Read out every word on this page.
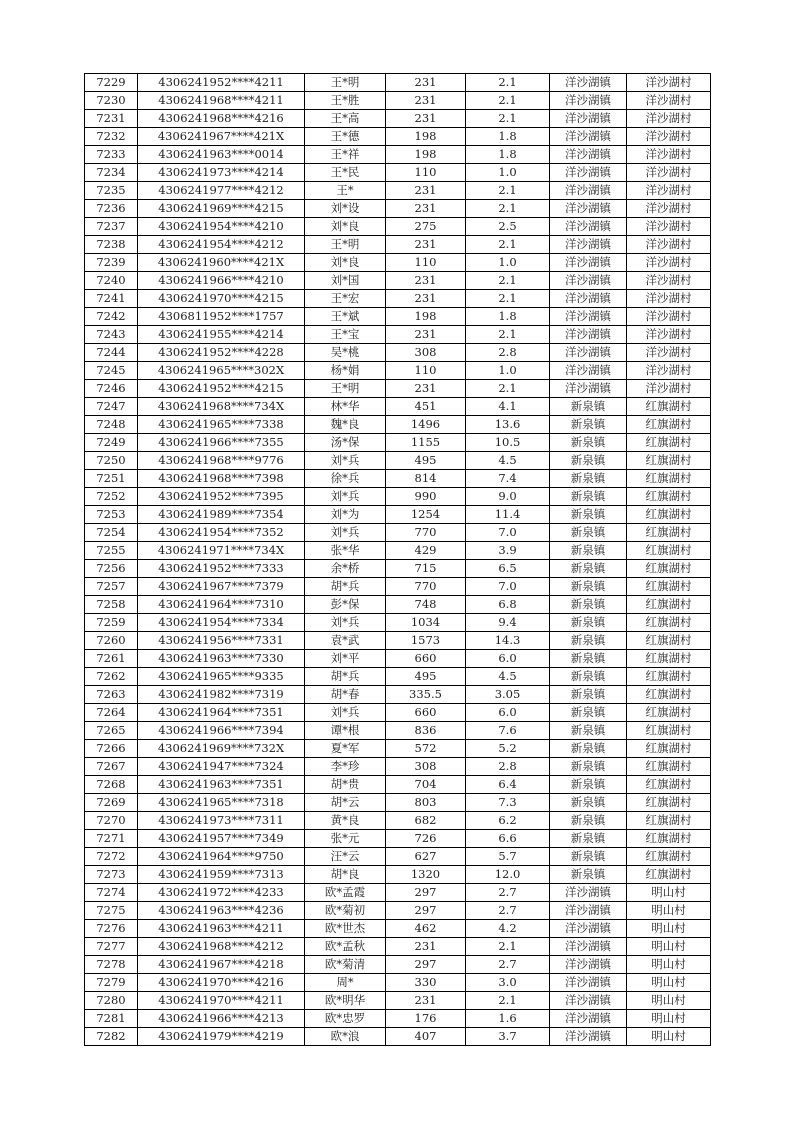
7229	4306241952****4211	王*明	231	2.1	洋沙湖镇	洋沙湖村
7230	4306241968****4211	王*胜	231	2.1	洋沙湖镇	洋沙湖村
7231	4306241968****4216	王*高	231	2.1	洋沙湖镇	洋沙湖村
7232	4306241967****421X	王*德	198	1.8	洋沙湖镇	洋沙湖村
7233	4306241963****0014	王*祥	198	1.8	洋沙湖镇	洋沙湖村
7234	4306241973****4214	王*民	110	1.0	洋沙湖镇	洋沙湖村
7235	4306241977****4212	王*	231	2.1	洋沙湖镇	洋沙湖村
7236	4306241969****4215	刘*设	231	2.1	洋沙湖镇	洋沙湖村
7237	4306241954****4210	刘*良	275	2.5	洋沙湖镇	洋沙湖村
7238	4306241954****4212	王*明	231	2.1	洋沙湖镇	洋沙湖村
7239	4306241960****421X	刘*良	110	1.0	洋沙湖镇	洋沙湖村
7240	4306241966****4210	刘*国	231	2.1	洋沙湖镇	洋沙湖村
7241	4306241970****4215	王*宏	231	2.1	洋沙湖镇	洋沙湖村
7242	4306811952****1757	王*斌	198	1.8	洋沙湖镇	洋沙湖村
7243	4306241955****4214	王*宝	231	2.1	洋沙湖镇	洋沙湖村
7244	4306241952****4228	吴*桃	308	2.8	洋沙湖镇	洋沙湖村
7245	4306241965****302X	杨*娟	110	1.0	洋沙湖镇	洋沙湖村
7246	4306241952****4215	王*明	231	2.1	洋沙湖镇	洋沙湖村
7247	4306241968****734X	林*华	451	4.1	新泉镇	红旗湖村
7248	4306241965****7338	魏*良	1496	13.6	新泉镇	红旗湖村
7249	4306241966****7355	汤*保	1155	10.5	新泉镇	红旗湖村
7250	4306241968****9776	刘*兵	495	4.5	新泉镇	红旗湖村
7251	4306241968****7398	徐*兵	814	7.4	新泉镇	红旗湖村
7252	4306241952****7395	刘*兵	990	9.0	新泉镇	红旗湖村
7253	4306241989****7354	刘*为	1254	11.4	新泉镇	红旗湖村
7254	4306241954****7352	刘*兵	770	7.0	新泉镇	红旗湖村
7255	4306241971****734X	张*华	429	3.9	新泉镇	红旗湖村
7256	4306241952****7333	余*桥	715	6.5	新泉镇	红旗湖村
7257	4306241967****7379	胡*兵	770	7.0	新泉镇	红旗湖村
7258	4306241964****7310	彭*保	748	6.8	新泉镇	红旗湖村
7259	4306241954****7334	刘*兵	1034	9.4	新泉镇	红旗湖村
7260	4306241956****7331	袁*武	1573	14.3	新泉镇	红旗湖村
7261	4306241963****7330	刘*平	660	6.0	新泉镇	红旗湖村
7262	4306241965****9335	胡*兵	495	4.5	新泉镇	红旗湖村
7263	4306241982****7319	胡*春	335.5	3.05	新泉镇	红旗湖村
7264	4306241964****7351	刘*兵	660	6.0	新泉镇	红旗湖村
7265	4306241966****7394	谭*根	836	7.6	新泉镇	红旗湖村
7266	4306241969****732X	夏*军	572	5.2	新泉镇	红旗湖村
7267	4306241947****7324	李*珍	308	2.8	新泉镇	红旗湖村
7268	4306241963****7351	胡*贵	704	6.4	新泉镇	红旗湖村
7269	4306241965****7318	胡*云	803	7.3	新泉镇	红旗湖村
7270	4306241973****7311	黄*良	682	6.2	新泉镇	红旗湖村
7271	4306241957****7349	张*元	726	6.6	新泉镇	红旗湖村
7272	4306241964****9750	汪*云	627	5.7	新泉镇	红旗湖村
7273	4306241959****7313	胡*良	1320	12.0	新泉镇	红旗湖村
7274	4306241972****4233	欧*孟霞	297	2.7	洋沙湖镇	明山村
7275	4306241963****4236	欧*菊初	297	2.7	洋沙湖镇	明山村
7276	4306241963****4211	欧*世杰	462	4.2	洋沙湖镇	明山村
7277	4306241968****4212	欧*孟秋	231	2.1	洋沙湖镇	明山村
7278	4306241967****4218	欧*菊清	297	2.7	洋沙湖镇	明山村
7279	4306241970****4216	周*	330	3.0	洋沙湖镇	明山村
7280	4306241970****4211	欧*明华	231	2.1	洋沙湖镇	明山村
7281	4306241966****4213	欧*忠罗	176	1.6	洋沙湖镇	明山村
7282	4306241979****4219	欧*浪	407	3.7	洋沙湖镇	明山村
